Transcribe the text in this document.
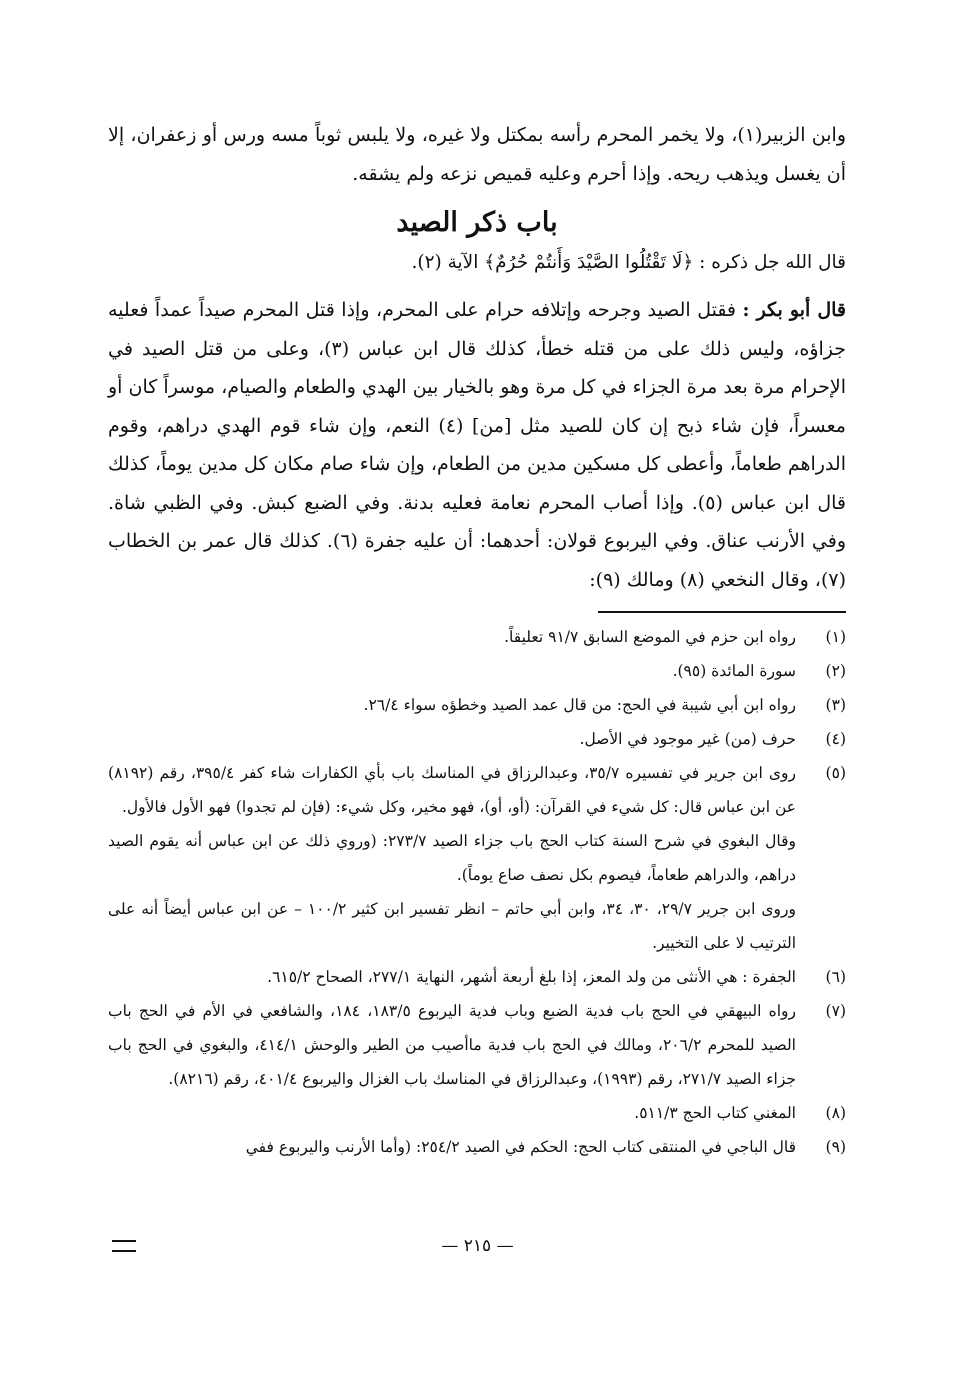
وابن الزبير(١)، ولا يخمر المحرم رأسه بمكتل ولا غيره، ولا يلبس ثوباً مسه ورس أو زعفران، إلا أن يغسل ويذهب ريحه. وإذا أحرم وعليه قميص نزعه ولم يشقه.

باب ذكر الصيد

قال الله جل ذكره : ﴿لَا تَقْتُلُوا الصَّيْدَ وَأَنتُمْ حُرُمٌ﴾ الآية (٢).

قال أبو بكر : فقتل الصيد وجرحه وإتلافه حرام على المحرم، وإذا قتل المحرم صيداً عمداً فعليه جزاؤه، وليس ذلك على من قتله خطأ، كذلك قال ابن عباس (٣)، وعلى من قتل الصيد في الإحرام مرة بعد مرة الجزاء في كل مرة وهو بالخيار بين الهدي والطعام والصيام، موسراً كان أو معسراً، فإن شاء ذبح إن كان للصيد مثل [من] (٤) النعم، وإن شاء قوم الهدي دراهم، وقوم الدراهم طعاماً، وأعطى كل مسكين مدين من الطعام، وإن شاء صام مكان كل مدين يوماً، كذلك قال ابن عباس (٥). وإذا أصاب المحرم نعامة فعليه بدنة. وفي الضبع كبش. وفي الظبي شاة. وفي الأرنب عناق. وفي اليربوع قولان: أحدهما: أن عليه جفرة (٦). كذلك قال عمر بن الخطاب (٧)، وقال النخعي (٨) ومالك (٩):

(١)
رواه ابن حزم في الموضع السابق ٩١/٧ تعليقاً.
(٢)
سورة المائدة (٩٥).
(٣)
رواه ابن أبي شيبة في الحج: من قال عمد الصيد وخطؤه سواء ٢٦/٤.
(٤)
حرف (من) غير موجود في الأصل.
(٥)
روى ابن جرير في تفسيره ٣٥/٧، وعبدالرزاق في المناسك باب بأي الكفارات شاء كفر ٣٩٥/٤، رقم (٨١٩٢) عن ابن عباس قال: كل شيء في القرآن: (أو، أو)، فهو مخير، وكل شيء: (فإن لم تجدوا) فهو الأول فالأول.
وقال البغوي في شرح السنة كتاب الحج باب جزاء الصيد ٢٧٣/٧: (وروي ذلك عن ابن عباس أنه يقوم الصيد دراهم، والدراهم طعاماً، فيصوم بكل نصف صاع يوماً).
وروى ابن جرير ٢٩/٧، ٣٠، ٣٤، وابن أبي حاتم – انظر تفسير ابن كثير ١٠٠/٢ – عن ابن عباس أيضاً أنه على الترتيب لا على التخيير.
(٦)
الجفرة : هي الأنثى من ولد المعز، إذا بلغ أربعة أشهر، النهاية ٢٧٧/١، الصحاح ٦١٥/٢.
(٧)
رواه البيهقي في الحج باب فدية الضبع وباب فدية اليربوع ١٨٣/٥، ١٨٤، والشافعي في الأم في الحج باب الصيد للمحرم ٢٠٦/٢، ومالك في الحج باب فدية ماأصيب من الطير والوحش ٤١٤/١، والبغوي في الحج باب جزاء الصيد ٢٧١/٧، رقم (١٩٩٣)، وعبدالرزاق في المناسك باب الغزال واليربوع ٤٠١/٤، رقم (٨٢١٦).
(٨)
المغني كتاب الحج ٥١١/٣.
(٩)
قال الباجي في المنتقى كتاب الحج: الحكم في الصيد ٢٥٤/٢: (وأما الأرنب واليربوع ففي
— ٢١٥ —
